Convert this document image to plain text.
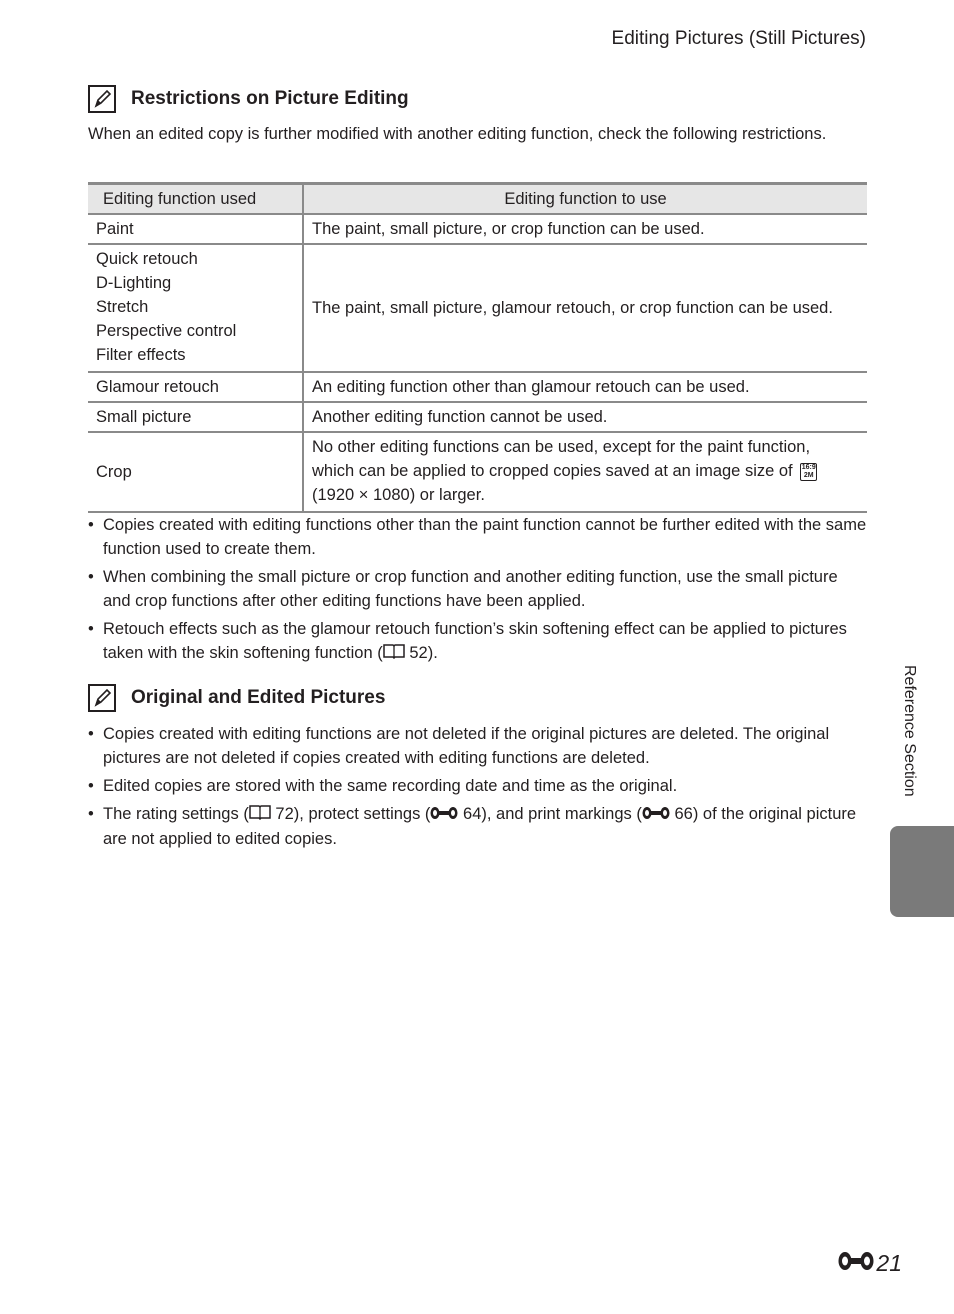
Editing Pictures (Still Pictures)
Restrictions on Picture Editing
When an edited copy is further modified with another editing function, check the following restrictions.
Editing function used	Editing function to use
Paint	The paint, small picture, or crop function can be used.

Quick retouch
D-Lighting
Stretch
Perspective control
Filter effects	The paint, small picture, glamour retouch, or crop function can be used.
Glamour retouch	An editing function other than glamour retouch can be used.
Small picture	Another editing function cannot be used.
Crop	No other editing functions can be used, except for the paint function,
which can be applied to cropped copies saved at an image size of 16:9
2M
(1920 × 1080) or larger.
• Copies created with editing functions other than the paint function cannot be further edited with the same function used to create them.
• When combining the small picture or crop function and another editing function, use the small picture and crop functions after other editing functions have been applied.
• Retouch effects such as the glamour retouch function’s skin softening effect can be applied to pictures taken with the skin softening function ( 52).
Original and Edited Pictures
• Copies created with editing functions are not deleted if the original pictures are deleted. The original pictures are not deleted if copies created with editing functions are deleted.
• Edited copies are stored with the same recording date and time as the original.
• The rating settings ( 72), protect settings ( 64), and print markings ( 66) of the original picture are not applied to edited copies.
Reference Section
21
